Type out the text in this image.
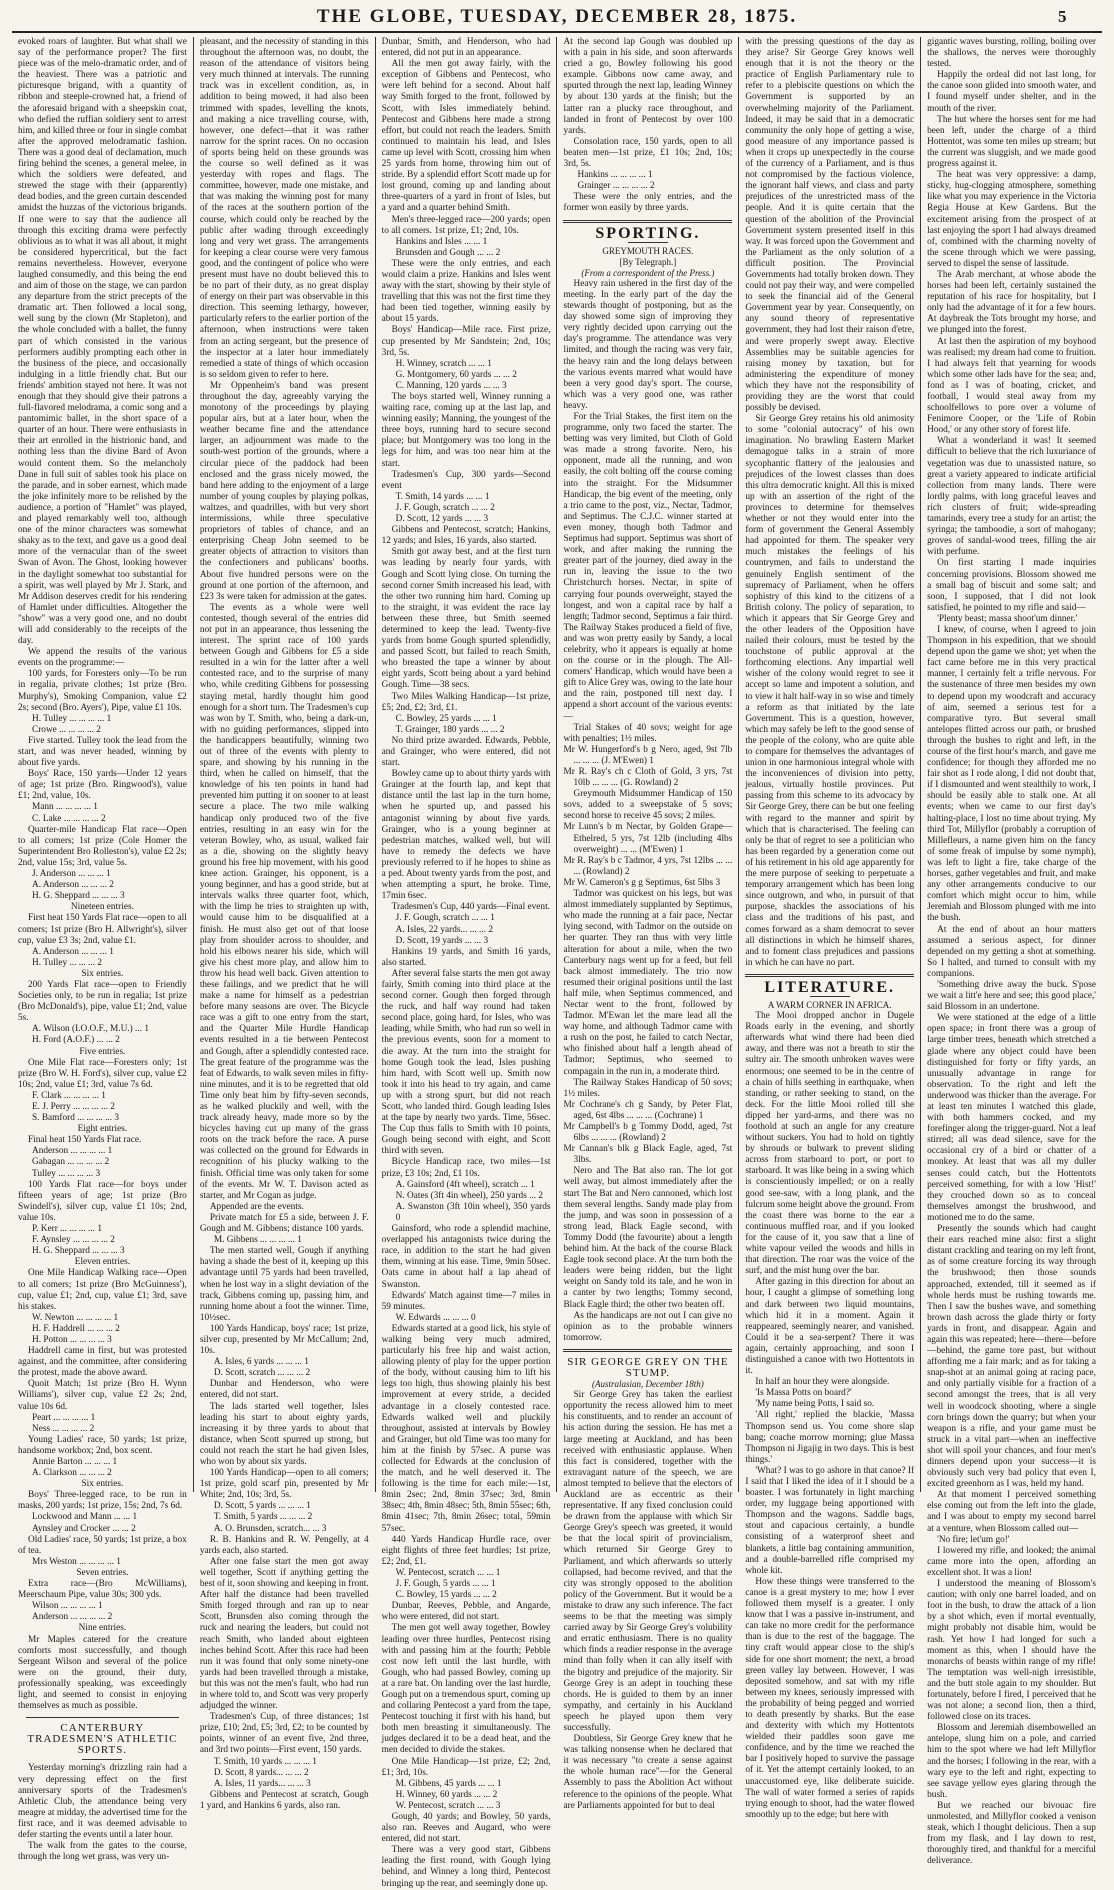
THE GLOBE, TUESDAY, DECEMBER 28, 1875.	5

evoked roars of laughter. But what shall we say of the performance proper? The first piece was of the melo-dramatic order, and of the heaviest. There was a patriotic and picturesque brigand, with a quantity of ribbon and steeple-crowned hat, a friend of the aforesaid brigand with a sheepskin coat, who defied the ruffian soldiery sent to arrest him, and killed three or four in single combat after the approved melodramatic fashion. There was a good deal of declamation, much firing behind the scenes, a general melee, in which the soldiers were defeated, and strewed the stage with their (apparently) dead bodies, and the green curtain descended amidst the huzzas of the victorious brigands. If one were to say that the audience all through this exciting drama were perfectly oblivious as to what it was all about, it might be considered hypercritical, but the fact remains nevertheless. However, everyone laughed consumedly, and this being the end and aim of those on the stage, we can pardon any departure from the strict precepts of the dramatic art. Then followed a local song, well sung by the clown (Mr Stapleton), and the whole concluded with a ballet, the funny part of which consisted in the various performers audibly prompting each other in the business of the piece, and occasionally indulging in a little friendly chat. But our friends' ambition stayed not here. It was not enough that they should give their patrons a full-flavored melodrama, a comic song and a pantomimic ballet, in the short space of a quarter of an hour. There were enthusiasts in their art enrolled in the histrionic band, and nothing less than the divine Bard of Avon would content them. So the melancholy Dane in full suit of sables took his place on the parade, and in sober earnest, which made the joke infinitely more to be relished by the audience, a portion of "Hamlet" was played, and played remarkably well too, although one of the minor characters was somewhat shaky as to the text, and gave us a good deal more of the vernacular than of the sweet Swan of Avon. The Ghost, looking however in the daylight somewhat too substantial for a spirit, was well played by Mr J. Stark, and Mr Addison deserves credit for his rendering of Hamlet under difficulties. Altogether the "show" was a very good one, and no doubt will add considerably to the receipts of the day.

We append the results of the various events on the programme:—

100 yards, for Foresters only—To be run in regalia, private clothes; 1st prize (Bro. Murphy's), Smoking Companion, value £2 2s; second (Bro. Ayers'), Pipe, value £1 10s.

H. Tulley ... ... ... ... 1

Crowe ... ... ... ... 2

Five started. Tulley took the lead from the start, and was never headed, winning by about five yards.

Boys' Race, 150 yards—Under 12 years of age; 1st prize (Bro. Ringwood's), value £1; 2nd, value, 10s.

Mann ... ... ... ... 1

C. Lake ... ... ... ... 2

Quarter-mile Handicap Flat race—Open to all comers; 1st prize (Cole Homer the Superintendent Bro Rolleston's), value £2 2s; 2nd, value 15s; 3rd, value 5s.

J. Anderson ... ... ... 1

A. Anderson ... ... ... 2

H. G. Sheppard ... ... ... 3

Nineteen entries.

First heat 150 Yards Flat race—open to all comers; 1st prize (Bro H. Allwright's), silver cup, value £3 3s; 2nd, value £1.

A. Anderson ... ... ... 1

H. Tulley ... ... ... 2

Six entries.

200 Yards Flat race—open to Friendly Societies only, to be run in regalia; 1st prize (Bro McDonald's), pipe, value £1; 2nd, value 5s.

A. Wilson (I.O.O.F., M.U.) ... 1

H. Ford (A.O.F.) ... ... 2

Five entries.

One Mile Flat race—Foresters only; 1st prize (Bro W. H. Ford's), silver cup, value £2 10s; 2nd, value £1; 3rd, value 7s 6d.

F. Clark ... ... ... ... 1

E. J. Perry ... ... ... ... 2

S. Bamford ... ... ... ... 3

Eight entries.

Final heat 150 Yards Flat race.

Anderson ... ... ... ... 1

Gabagan ... ... ... ... 2

Tulley ... ... ... ... 3

100 Yards Flat race—for boys under fifteen years of age; 1st prize (Bro Swindell's), silver cup, value £1 10s; 2nd, value 10s.

P. Kerr ... ... ... ... 1

F. Aynsley ... ... ... ... 2

H. G. Sheppard ... ... ... 3

Eleven entries.

One Mile Handicap Walking race—Open to all comers; 1st prize (Bro McGuinness'), cup, value £1; 2nd, cup, value £1; 3rd, save his stakes.

W. Newton ... ... ... ... 1

H. F. Haddrell ... ... ... 2

H. Potton ... ... ... ... 3

Haddrell came in first, but was protested against, and the committee, after considering the protest, made the above award.

Quoit Match; 1st prize (Bro H. Wynn Williams'), silver cup, value £2 2s; 2nd, value 10s 6d.

Peart ... ... ... ... 1

Ness ... ... ... ... 2

Young Ladies' race, 50 yards; 1st prize, handsome workbox; 2nd, box scent.

Annie Barton ... ... ... 1

A. Clarkson ... ... ... 2

Six entries.

Boys' Three-legged race, to be run in masks, 200 yards; 1st prize, 15s; 2nd, 7s 6d.

Lockwood and Mann ... ... 1

Aynsley and Crocker ... ... 2

Old Ladies' race, 50 yards; 1st prize, a box of tea.

Mrs Weston ... ... ... ... 1

Seven entries.

Extra race—(Bro McWilliams), Meerschaum Pipe, value 30s; 300 yds.

Wilson ... ... ... ... 1

Anderson ... ... ... ... 2

Nine entries.

Mr Maples catered for the creature comforts most successfully, and though Sergeant Wilson and several of the police were on the ground, their duty, professionally speaking, was exceedingly light, and seemed to consist in enjoying themselves as much as possible.

CANTERBURY TRADESMEN'S ATHLETIC SPORTS.

Yesterday morning's drizzling rain had a very depressing effect on the first anniversary sports of the Tradesmen's Athletic Club, the attendance being very meagre at midday, the advertised time for the first race, and it was deemed advisable to defer starting the events until a later hour.

The walk from the gates to the course, through the long wet grass, was very un-

pleasant, and the necessity of standing in this throughout the afternoon was, no doubt, the reason of the attendance of visitors being very much thinned at intervals. The running track was in excellent condition, as, in addition to being mowed, it had also been trimmed with spades, levelling the knots, and making a nice travelling course, with, however, one defect—that it was rather narrow for the sprint races. On no occasion of sports being held on these grounds was the course so well defined as it was yesterday with ropes and flags. The committee, however, made one mistake, and that was making the winning post for many of the races at the southern portion of the course, which could only be reached by the public after wading through exceedingly long and very wet grass. The arrangements for keeping a clear course were very famous good, and the contingent of police who were present must have no doubt believed this to be no part of their duty, as no great display of energy on their part was observable in this direction. This seeming lethargy, however, particularly refers to the earlier portion of the afternoon, when instructions were taken from an acting sergeant, but the presence of the inspector at a later hour immediately remedied a state of things of which occasion is so seldom given to refer to here.

Mr Oppenheim's band was present throughout the day, agreeably varying the monotony of the proceedings by playing popular airs, but at a later hour, when the weather became fine and the attendance larger, an adjournment was made to the south-west portion of the grounds, where a circular piece of the paddock had been enclosed and the grass nicely mowed, the band here adding to the enjoyment of a large number of young couples by playing polkas, waltzes, and quadrilles, with but very short intermissions, while three speculative proprietors of tables of chance, and an enterprising Cheap John seemed to be greater objects of attraction to visitors than the confectioners and publicans' booths. About five hundred persons were on the ground at one portion of the afternoon, and £23 3s were taken for admission at the gates.

The events as a whole were well contested, though several of the entries did not put in an appearance, thus lessening the interest. The sprint race of 100 yards between Gough and Gibbens for £5 a side resulted in a win for the latter after a well contested race, and to the surprise of many who, while crediting Gibbens for possessing staying metal, hardly thought him good enough for a short turn. The Tradesmen's cup was won by T. Smith, who, being a dark-un, with no guiding performances, slipped into the handicappers beautifully, winning two out of three of the events with plenty to spare, and showing by his running in the third, when he called on himself, that the knowledge of his ten points in hand had prevented him putting it on sooner to at least secure a place. The two mile walking handicap only produced two of the five entries, resulting in an easy win for the veteran Bowley, who, as usual, walked fair as a die, showing on the slightly heavy ground his free hip movement, with his good knee action. Grainger, his opponent, is a young beginner, and has a good stride, but at intervals walks three quarter foot, which, with the limp he tries to straighten up with, would cause him to be disqualified at a finish. He must also get out of that loose play from shoulder across to shoulder, and hold his elbows nearer his side, which will give his chest more play, and allow him to throw his head well back. Given attention to these failings, and we predict that he will make a name for himself as a pedestrian before many seasons are over. The Bicycle race was a gift to one entry from the start, and the Quarter Mile Hurdle Handicap events resulted in a tie between Pentecost and Gough, after a splendidly contested race. The great feature of the programme was the feat of Edwards, to walk seven miles in fifty-nine minutes, and it is to be regretted that old Time only beat him by fifty-seven seconds, as he walked pluckily and well, with the track already heavy, made more so by the bicycles having cut up many of the grass roots on the track before the race. A purse was collected on the ground for Edwards in recognition of his plucky walking to the finish. Official time was only taken for some of the events. Mr W. T. Davison acted as starter, and Mr Cogan as judge.

Appended are the events.

Private match for £5 a side, between J. F. Gough and M. Gibbens; distance 100 yards.

M. Gibbens ... ... ... ... 1

The men started well, Gough if anything having a shade the best of it, keeping up this advantage until 75 yards had been travelled, when he lost way in a slight deviation of the track, Gibbens coming up, passing him, and running home about a foot the winner. Time, 10½sec.

100 Yards Handicap, boys' race; 1st prize, silver cup, presented by Mr McCallum; 2nd, 10s.

A. Isles, 6 yards ... ... ... 1

D. Scott, scratch ... ... ... 2

Dunbar and Henderson, who were entered, did not start.

The lads started well together, Isles leading his start to about eighty yards, increasing it by three yards to about that distance, when Scott spurred up strong, but could not reach the start he had given Isles, who won by about six yards.

100 Yards Handicap—open to all comers; 1st prize, gold scarf pin, presented by Mr White; 2nd, 10s; 3rd, 5s.

D. Scott, 5 yards ... ... ... 1

T. Smith, 5 yards ... ... ... 2

A. O. Brunsden, scratch... ... 3

R. B. Hankins and R. W. Pengelly, at 4 yards each, also started.

After one false start the men got away well together, Scott if anything getting the best of it, soon showing and keeping in front. After half the distance had been travelled Smith forged through and ran up to near Scott, Brunsden also coming through the ruck and nearing the leaders, but could not reach Smith, who landed about eighteen inches behind Scott. After this race had been run it was found that only some ninety-one yards had been travelled through a mistake, but this was not the men's fault, who had run in where told to, and Scott was very properly adjudged the winner.

Tradesmen's Cup, of three distances; 1st prize, £10; 2nd, £5; 3rd, £2; to be counted by points, winner of an event five, 2nd three, and 3rd two points—First event, 150 yards.

T. Smith, 10 yards ... ... ... 1

D. Scott, 8 yards... ... ... 2

A. Isles, 11 yards... ... ... 3

Gibbens and Pentecost at scratch, Gough 1 yard, and Hankins 6 yards, also ran.

Dunbar, Smith, and Henderson, who had entered, did not put in an appearance.

All the men got away fairly, with the exception of Gibbens and Pentecost, who were left behind for a second. About half way Smith forged to the front, followed by Scott, with Isles immediately behind. Pentecost and Gibbens here made a strong effort, but could not reach the leaders. Smith continued to maintain his lead, and Isles came up level with Scott, crossing him when 25 yards from home, throwing him out of stride. By a splendid effort Scott made up for lost ground, coming up and landing about three-quarters of a yard in front of Isles, but a yard and a quarter behind Smith.

Men's three-legged race—200 yards; open to all comers. 1st prize, £1; 2nd, 10s.

Hankins and Isles ... ... 1

Brunsden and Gough ... ... 2

These were the only entries, and each would claim a prize. Hankins and Isles went away with the start, showing by their style of travelling that this was not the first time they had been tied together, winning easily by about 15 yards.

Boys' Handicap—Mile race. First prize, cup presented by Mr Sandstein; 2nd, 10s; 3rd, 5s.

H. Winney, scratch ... ... 1

G. Montgomery, 60 yards ... ... 2

C. Manning, 120 yards ... ... 3

The boys started well, Winney running a waiting race, coming up at the last lap, and winning easily; Manning, the youngest of the three boys, running hard to secure second place; but Montgomery was too long in the legs for him, and was too near him at the start.

Tradesmen's Cup, 300 yards—Second event

T. Smith, 14 yards ... ... 1

J. F. Gough, scratch ... ... 2

D. Scott, 12 yards ... ... 3

Gibbens and Pentecost, scratch; Hankins, 12 yards; and Isles, 16 yards, also started.

Smith got away best, and at the first turn was leading by nearly four yards, with Gough and Scott lying close. On turning the second corner Smith increased his lead, with the other two running him hard. Coming up to the straight, it was evident the race lay between these three, but Smith seemed determined to keep the lead. Twenty-five yards from home Gough spurted splendidly, and passed Scott, but failed to reach Smith, who breasted the tape a winner by about eight yards, Scott being about a yard behind Gough. Time—38 secs.

Two Miles Walking Handicap—1st prize, £5; 2nd, £2; 3rd, £1.

C. Bowley, 25 yards ... ... 1

T. Grainger, 180 yards ... ... 2

No third prize awarded. Edwards, Pebble, and Grainger, who were entered, did not start.

Bowley came up to about thirty yards with Grainger at the fourth lap, and kept that distance until the last lap in the turn home, when he spurted up, and passed his antagonist winning by about five yards. Grainger, who is a young beginner at pedestrian matches, walked well, but will have to remedy the defects we have previously referred to if he hopes to shine as a ped. About twenty yards from the post, and when attempting a spurt, he broke. Time, 17min 6sec.

Tradesmen's Cup, 440 yards—Final event.

J. F. Gough, scratch ... ... 1

A. Isles, 22 yards... ... ... 2

D. Scott, 19 yards ... ... 3

Hankins 19 yards, and Smith 16 yards, also started.

After several false starts the men got away fairly, Smith coming into third place at the second corner. Gough then forged through the ruck, and half way round had taken second place, going hard, for Isles, who was leading, while Smith, who had run so well in the previous events, soon for a moment to die away. At the turn into the straight for home Gough took the lead, Isles pushing him hard, with Scott well up. Smith now took it into his head to try again, and came up with a strong spurt, but did not reach Scott, who landed third. Gough leading Isles at the tape by nearly two yards. Time, 56sec. The Cup thus falls to Smith with 10 points, Gough being second with eight, and Scott third with seven.

Bicycle Handicap race, two miles—1st prize, £3 10s; 2nd, £1 10s.

A. Gainsford (4ft wheel), scratch ... 1

N. Oates (3ft 4in wheel), 250 yards ... 2

A. Swanston (3ft 10in wheel), 350 yards 0

Gainsford, who rode a splendid machine, overlapped his antagonists twice during the race, in addition to the start he had given them, winning at his ease. Time, 9min 50sec. Oats came in about half a lap ahead of Swanston.

Edwards' Match against time—7 miles in 59 minutes.

W. Edwards ... ... ... 0

Edwards started at a good lick, his style of walking being very much admired, particularly his free hip and waist action, allowing plenty of play for the upper portion of the body, without causing him to lift his legs too high, thus showing plainly his best improvement at every stride, a decided advantage in a closely contested race. Edwards walked well and pluckily throughout, assisted at intervals by Bowley and Grainger, but old Time was too many for him at the finish by 57sec. A purse was collected for Edwards at the conclusion of the match, and he well deserved it. The following is the time for each mile:—1st, 8min 2sec; 2nd, 8min 37sec; 3rd, 8min 38sec; 4th, 8min 48sec; 5th, 8min 55sec; 6th, 8min 41sec; 7th, 8min 26sec; total, 59min 57sec.

440 Yards Handicap Hurdle race, over eight flights of three feet hurdles; 1st prize, £2; 2nd, £1.

W. Pentecost, scratch ... ... 1

J. F. Gough, 5 yards ... ... 1

C. Bowley, 15 yards ... ... 2

Dunbar, Reeves, Pebble, and Angarde, who were entered, did not start.

The men got well away together, Bowley leading over three hurdles, Pentecost rising with and passing him at the fourth; Pebble cost now left until the last hurdle, with Gough, who had passed Bowley, coming up at a rare bat. On landing over the last hurdle, Gough put on a tremendous spurt, coming up and collaring Pentecost a yard from the tape, Pentecost touching it first with his hand, but both men breasting it simultaneously. The judges declared it to be a dead heat, and the men decided to divide the stakes.

One Mile Handicap—1st prize, £2; 2nd, £1; 3rd, 10s.

M. Gibbens, 45 yards ... ... 1

H. Winney, 60 yards ... ... 2

W. Pentecost, scratch ... ... 3

Gough, 40 yards; and Bowley, 50 yards, also ran. Reeves and Augard, who were entered, did not start.

There was a very good start, Gibbens leading the first round, with Gough lying behind, and Winney a long third, Pentecost bringing up the rear, and seemingly done up.

At the second lap Gough was doubled up with a pain in his side, and soon afterwards cried a go, Bowley following his good example. Gibbons now came away, and spurted through the next lap, leading Winney by about 130 yards at the finish; but the latter ran a plucky race throughout, and landed in front of Pentecost by over 100 yards.

Consolation race, 150 yards, open to all beaten men—1st prize, £1 10s; 2nd, 10s; 3rd, 5s.

Hankins ... ... ... ... 1

Grainger ... ... ... ... 2

These were the only entries, and the former won easily by three yards.

SPORTING.

GREYMOUTH RACES.

[By Telegraph.]

(From a correspondent of the Press.)

Heavy rain ushered in the first day of the meeting. In the early part of the day the stewards thought of postponing, but as the day showed some sign of improving they very rightly decided upon carrying out the day's programme. The attendance was very limited, and though the racing was very fair, the heavy rain and the long delays between the various events marred what would have been a very good day's sport. The course, which was a very good one, was rather heavy.

For the Trial Stakes, the first item on the programme, only two faced the starter. The betting was very limited, but Cloth of Gold was made a strong favorite. Nero, his opponent, made all the running, and won easily, the colt bolting off the course coming into the straight. For the Midsummer Handicap, the big event of the meeting, only a trio came to the post, viz., Nectar, Tadmor, and Septimus. The C.J.C. winner started at even money, though both Tadmor and Septimus had support. Septimus was short of work, and after making the running the greater part of the journey, died away in the run in, leaving the issue to the two Christchurch horses. Nectar, in spite of carrying four pounds overweight, stayed the longest, and won a capital race by half a length; Tadmor second, Septimus a fair third. The Railway Stakes produced a field of five, and was won pretty easily by Sandy, a local celebrity, who it appears is equally at home on the course or in the plough. The All-comers' Handicap, which would have been a gift to Alice Grey was, owing to the late hour and the rain, postponed till next day. I append a short account of the various events:—

Trial Stakes of 40 sovs; weight for age with penalties; 1½ miles.

Mr W. Hungerford's b g Nero, aged, 9st 7lb ... ... ... (J. M'Ewen) 1

Mr R. Ray's ch c Cloth of Gold, 3 yrs, 7st 10lb ... ... ... (G. Rowland) 2

Greymouth Midsummer Handicap of 150 sovs, added to a sweepstake of 5 sovs; second horse to receive 45 sovs; 2 miles.

Mr Lunn's b m Nectar, by Golden Grape—Ethelred, 5 yrs, 7st 12lb (including 4lbs overweight) ... ... (M'Ewen) 1

Mr R. Ray's b c Tadmor, 4 yrs, 7st 12lbs ... ... ... (Rowland) 2

Mr W. Cameron's g g Septimus, 6st 5lbs 3

Tadmor was quickest on his legs, but was almost immediately supplanted by Septimus, who made the running at a fair pace, Nectar lying second, with Tadmor on the outside on her quarter. They ran thus with very little alteration for about a mile, when the two Canterbury nags went up for a feed, but fell back almost immediately. The trio now resumed their original positions until the last half mile, when Septimus commenced, and Nectar went to the front, followed by Tadmor. M'Ewan let the mare lead all the way home, and although Tadmor came with a rush on the post, he failed to catch Nectar, who finished about half a length ahead of Tadmor; Septimus, who seemed to compagain in the run in, a moderate third.

The Railway Stakes Handicap of 50 sovs; 1½ miles.

Mr Cochrane's ch g Sandy, by Peter Flat, aged, 6st 4lbs ... ... ... (Cochrane) 1

Mr Campbell's b g Tommy Dodd, aged, 7st 6lbs ... ... ... (Rowland) 2

Mr Cannan's blk g Black Eagle, aged, 7st 3lbs.

Nero and The Bat also ran. The lot got well away, but almost immediately after the start The Bat and Nero cannoned, which lost them several lengths. Sandy made play from the jump, and was soon in possession of a strong lead, Black Eagle second, with Tommy Dodd (the favourite) about a length behind him. At the back of the course Black Eagle took second place. At the turn both the leaders were being ridden, but the light weight on Sandy told its tale, and he won in a canter by two lengths; Tommy second, Black Eagle third; the other two beaten off.

As the handicaps are not out I can give no opinion as to the probable winners tomorrow.

SIR GEORGE GREY ON THE STUMP.

(Australasian, December 18th)

Sir George Grey has taken the earliest opportunity the recess allowed him to meet his constituents, and to render an account of his action during the session. He has met a large meeting at Auckland, and has been received with enthusiastic applause. When this fact is considered, together with the extravagant nature of the speech, we are almost tempted to believe that the electors of Auckland are as eccentric as their representative. If any fixed conclusion could be drawn from the applause with which Sir George Grey's speech was greeted, it would be that the local spirit of provincialism, which returned Sir George Grey to Parliament, and which afterwards so utterly collapsed, had become revived, and that the city was strongly opposed to the abolition policy of the Government. But it would be a mistake to draw any such inference. The fact seems to be that the meeting was simply carried away by Sir George Grey's volubility and erratic enthusiasm. There is no quality which finds a readier response in the average mind than folly when it can ally itself with the bigotry and prejudice of the majority. Sir George Grey is an adept in touching these chords. He is guided to them by an inner sympathy, and certainly in his Auckland speech he played upon them very successfully.

Doubtless, Sir George Grey knew that he was talking nonsense when he declared that it was necessary "to create a sense against the whole human race"—for the General Assembly to pass the Abolition Act without reference to the opinions of the people. What are Parliaments appointed for but to deal

with the pressing questions of the day as they arise? Sir George Grey knows well enough that it is not the theory or the practice of English Parliamentary rule to refer to a plebiscite questions on which the Government is supported by an overwhelming majority of the Parliament. Indeed, it may be said that in a democratic community the only hope of getting a wise, good measure of any importance passed is when it crops up unexpectedly in the course of the currency of a Parliament, and is thus not compromised by the factious violence, the ignorant half views, and class and party prejudices of the unrestricted mass of the people. And it is quite certain that the question of the abolition of the Provincial Government system presented itself in this way. It was forced upon the Government and the Parliament as the only solution of a difficult position. The Provincial Governments had totally broken down. They could not pay their way, and were compelled to seek the financial aid of the General Government year by year. Consequently, on any sound theory of representative government, they had lost their raison d'etre, and were properly swept away. Elective Assemblies may be suitable agencies for raising money by taxation, but for administering the expenditure of money which they have not the responsibility of providing they are the worst that could possibly be devised.

Sir George Grey retains his old animosity to some "colonial autocracy" of his own imagination. No brawling Eastern Market demagogue talks in a strain of more sycophantic flattery of the jealousies and prejudices of the lowest classes than does this ultra democratic knight. All this is mixed up with an assertion of the right of the provinces to determine for themselves whether or not they would enter into the form of government the General Assembly had appointed for them. The speaker very much mistakes the feelings of his countrymen, and fails to understand the genuinely English sentiment of the supremacy of Parliament, when he offers sophistry of this kind to the citizens of a British colony. The policy of separation, to which it appears that Sir George Grey and the other leaders of the Opposition have nailed their colours, must be tested by the touchstone of public approval at the forthcoming elections. Any impartial well wisher of the colony would regret to see it accept so lame and impotent a solution, and to view it halt half-way in so wise and timely a reform as that initiated by the late Government. This is a question, however, which may safely be left to the good sense of the people of the colony, who are quite able to compare for themselves the advantages of union in one harmonious integral whole with the inconveniences of division into petty, jealous, virtually hostile provinces. Put passing from this scheme to its advocacy by Sir George Grey, there can be but one feeling with regard to the manner and spirit by which that is characterised. The feeling can only be that of regret to see a politician who has been regarded by a generation come out of his retirement in his old age apparently for the mere purpose of seeking to perpetuate a temporary arrangement which has been long since outgrown, and who, in pursuit of that purpose, shackles the associations of his class and the traditions of his past, and comes forward as a sham democrat to sever all distinctions in which he himself shares, and to foment class prejudices and passions in which he can have no part.

LITERATURE.

A WARM CORNER IN AFRICA.

The Mooi dropped anchor in Dugele Roads early in the evening, and shortly afterwards what wind there had been died away, and there was not a breath to stir the sultry air. The smooth unbroken waves were enormous; one seemed to be in the centre of a chain of hills seething in earthquake, when standing, or rather seeking to stand, on the deck. For the little Mooi rolled till she dipped her yard-arms, and there was no foothold at such an angle for any creature without suckers. You had to hold on tightly by shrouds or bulwark to prevent sliding across from starboard to port, or port to starboard. It was like being in a swing which is conscientiously impelled; or on a really good see-saw, with a long plank, and the fulcrum some height above the ground. From the coast there was borne to the ear a continuous muffled roar, and if you looked for the cause of it, you saw that a line of white vapour veiled the woods and hills in that direction. The roar was the voice of the surf, and the mist hung over the bar.

After gazing in this direction for about an hour, I caught a glimpse of something long and dark between two liquid mountains, which hid it in a moment. Again it reappeared, seemingly nearer, and vanished. Could it be a sea-serpent? There it was again, certainly approaching, and soon I distinguished a canoe with two Hottentots in it.

In half an hour they were alongside.

'Is Massa Potts on board?'

'My name being Potts, I said so.

'All right,' replied the blackie, 'Massa Thompson send us. You come shore slap bang; coache morrow morning; glue Massa Thompson ni Jigajig in two days. This is best things.'

'What? I was to go ashore in that canoe? If I said that I liked the idea of it I should be a boaster. I was fortunately in light marching order, my luggage being apportioned with Thompson and the wagons. Saddle bags, stout and capacious certainly, a bundle consisting of a waterproof sheet and blankets, a little bag containing ammunition, and a double-barrelled rifle comprised my whole kit.

How these things were transferred to the canoe is a great mystery to me; how I ever followed them myself is a greater. I only know that I was a passive in-instrument, and can take no more credit for the performance than is due to the rest of the baggage. The tiny craft would appear close to the ship's side for one short moment; the next, a broad green valley lay between. However, I was deposited somehow, and sat with my rifle between my knees, seriously impressed with the probability of being pegged and worried to death presently by sharks. But the ease and dexterity with which my Hottentots wielded their paddles soon gave me confidence, and by the time we reached the bar I positively hoped to survive the passage of it. Yet the attempt certainly looked, to an unaccustomed eye, like deliberate suicide. The wall of water formed a series of rapids trying enough to shoot, had the water flowed smoothly up to the edge; but here with

gigantic waves bursting, rolling, boiling over the shallows, the nerves were thoroughly tested.

Happily the ordeal did not last long, for the canoe soon glided into smooth water, and I found myself under shelter, and in the mouth of the river.

The hut where the horses sent for me had been left, under the charge of a third Hottentot, was some ten miles up stream; but the current was sluggish, and we made good progress against it.

The heat was very oppressive: a damp, sticky, hug-clogging atmosphere, something like what you may experience in the Victoria Regia House at Kew Gardens. But the excitement arising from the prospect of at last enjoying the sport I had always dreamed of, combined with the charming novelty of the scene through which we were passing, served to dispel the sense of lassitude.

The Arab merchant, at whose abode the horses had been left, certainly sustained the reputation of his race for hospitality, but I only had the advantage of it for a few hours. At daybreak the Tots brought my horse, and we plunged into the forest.

At last then the aspiration of my boyhood was realised; my dream had come to fruition. I had always felt that yearning for woods which some other lads have for the sea; and, fond as I was of boating, cricket, and football, I would steal away from my schoolfellows to pore over a volume of Fenimore Cooper, or the 'Life of Robin Hood,' or any other story of forest life.

What a wonderland it was! It seemed difficult to believe that the rich luxuriance of vegetation was due to unassisted nature, so great a variety appeared to indicate artificial collection from many lands. There were lordly palms, with long graceful leaves and rich clusters of fruit; wide-spreading tamarinds, every tree a study for an artist; the syringa; the tamboodie, a sort of mahogany; groves of sandal-wood trees, filling the air with perfume.

On first starting I made inquiries concerning provisions. Blossom showed me a small bag of biscuit and some salt; and soon, I supposed, that I did not look satisfied, he pointed to my rifle and said—

'Plenty beast; massa shoot'um dinner.'

I knew, of course, when I agreed to join Thompson in his expedition, that we should depend upon the game we shot; yet when the fact came before me in this very practical manner, I certainly felt a trifle nervous. For the sustenance of three men besides my own to depend upon my woodcraft and accuracy of aim, seemed a serious test for a comparative tyro. But several small antelopes flitted across our path, or brushed through the bushes to right and left, in the course of the first hour's march, and gave me confidence; for though they afforded me no fair shot as I rode along, I did not doubt that, if I dismounted and went stealthily to work, I should be easily able to stalk one. At all events; when we came to our first day's halting-place, I lost no time about trying. My third Tot, Millyflor (probably a corruption of Millefleurs, a name given him on the fancy of some freak of impulse by some nymph), was left to light a fire, take charge of the horses, gather vegetables and fruit, and make any other arrangements conducive to our comfort which might occur to him, while Jeremiah and Blossom plunged with me into the bush.

At the end of about an hour matters assumed a serious aspect, for dinner depended on my getting a shot at something. So I halted, and turned to consult with my companions.

'Something drive away the buck. S'pose we wait a litt'e here and see; this good place,' said Blossom in an undertone.

We were stationed at the edge of a little open space; in front there was a group of large timber trees, beneath which stretched a glade where any object could have been distinguished for forty or fifty yards, an unusually advantage in range for observation. To the right and left the underwood was thicker than the average. For at least ten minutes I watched this glade, with both hammers cocked, and my forefinger along the trigger-guard. Not a leaf stirred; all was dead silence, save for the occasional cry of a bird or chatter of a monkey. At least that was all my duller senses could catch, but the Hottentots perceived something, for with a low 'Hist!' they crouched down so as to conceal themselves amongst the brushwood, and motioned me to do the same.

Presently the sounds which had caught their ears reached mine also: first a slight distant crackling and tearing on my left front, as of some creature forcing its way through the brushwood; then those sounds approached, extended, till it seemed as if whole herds must be rushing towards me. Then I saw the bushes wave, and something brown dash across the glade thirty or forty yards in front, and disappear. Again and again this was repeated; here—there—before—behind, the game tore past, but without affording me a fair mark; and as for taking a snap-shot at an animal going at racing pace, and only partially visible for a fraction of a second amongst the trees, that is all very well in woodcock shooting, where a single corn brings down the quarry; but when your weapon is a rifle, and your game must be struck in a vital part—when an ineffective shot will spoil your chances, and four men's dinners depend upon your success—it is obviously such very bad policy that even I, excited greenhorn as I was, held my hand.

At that moment I perceived something else coming out from the left into the glade, and I was about to empty my second barrel at a venture, when Blossom called out—

'No fire; let'um go!'

I lowered my rifle, and looked; the animal came more into the open, affording an excellent shot. It was a lion!

I understood the meaning of Blossom's caution; with only one barrel loaded, and on foot in the bush, to draw the attack of a lion by a shot which, even if mortal eventually, might probably not disable him, would be rash. Yet how I had longed for such a moment as this, when I should have the monarchs of beasts within range of my rifle! The temptation was well-nigh irresistible, and the butt stole again to my shoulder. But fortunately, before I fired, I perceived that he was not alone; a second lion, then a third, followed close on its traces.

Blossom and Jeremiah disembowelled an antelope, slung him on a pole, and carried him to the spot where we had left Millyflor and the horses; I following in the rear, with a wary eye to the left and right, expecting to see savage yellow eyes glaring through the bush.

But we reached our bivouac fire unmolested, and Millyflor cooked a venison steak, which I thought delicious. Then a sup from my flask, and I lay down to rest, thoroughly tired, and thankful for a merciful deliverance.
